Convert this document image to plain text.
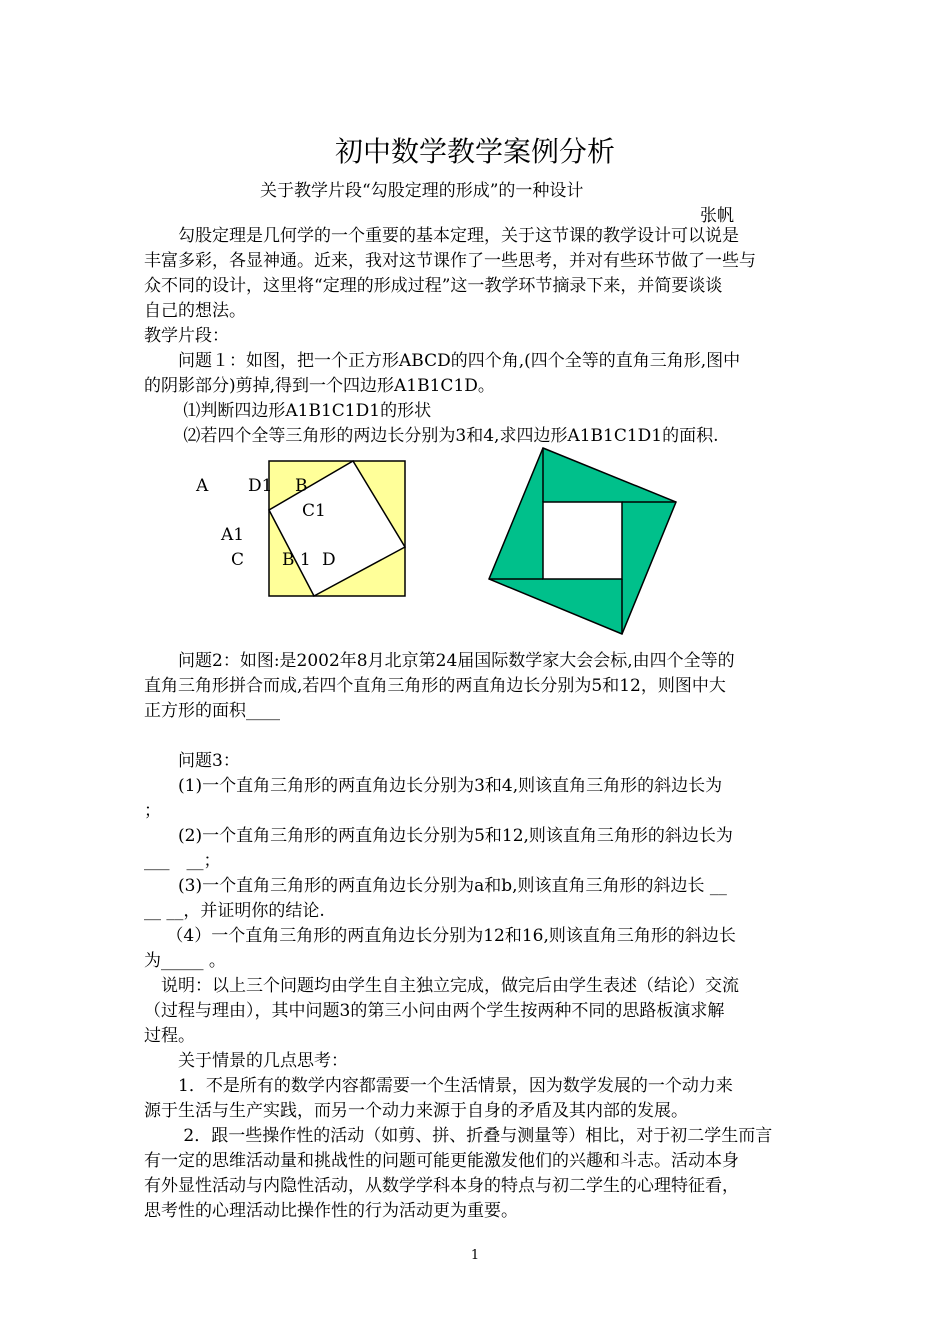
初中数学教学案例分析
关于教学片段“勾股定理的形成”的一种设计
张帆
　　勾股定理是几何学的一个重要的基本定理，关于这节课的教学设计可以说是
丰富多彩，各显神通。近来，我对这节课作了一些思考，并对有些环节做了一些与
众不同的设计，这里将“定理的形成过程”这一教学环节摘录下来，并简要谈谈
自己的想法。
教学片段：
　　问题１：如图，把一个正方形ABCD的四个角,(四个全等的直角三角形,图中
的阴影部分)剪掉,得到一个四边形A1B1C1D。
　　 ⑴判断四边形A1B1C1D1的形状
　　 ⑵若四个全等三角形的两边长分别为3和4,求四边形A1B1C1D1的面积.
A D1 B
C1
A1
C B 1 D
　　问题2：如图:是2002年8月北京第24届国际数学家大会会标,由四个全等的
直角三角形拼合而成,若四个直角三角形的两直角边长分别为5和12，则图中大
正方形的面积____
　　问题3：
　　(1)一个直角三角形的两直角边长分别为3和4,则该直角三角形的斜边长为
；
　　(2)一个直角三角形的两直角边长分别为5和12,则该直角三角形的斜边长为
___　__；
　　(3)一个直角三角形的两直角边长分别为a和b,则该直角三角形的斜边长 __
__ __，并证明你的结论.
　 （4）一个直角三角形的两直角边长分别为12和16,则该直角三角形的斜边长
为_____ 。
　说明：以上三个问题均由学生自主独立完成，做完后由学生表述（结论）交流
（过程与理由），其中问题3的第三小问由两个学生按两种不同的思路板演求解
过程。
　　关于情景的几点思考：
　　1．不是所有的数学内容都需要一个生活情景，因为数学发展的一个动力来
源于生活与生产实践，而另一个动力来源于自身的矛盾及其内部的发展。
　　 2．跟一些操作性的活动（如剪、拼、折叠与测量等）相比，对于初二学生而言
有一定的思维活动量和挑战性的问题可能更能激发他们的兴趣和斗志。活动本身
有外显性活动与内隐性活动，从数学学科本身的特点与初二学生的心理特征看，
思考性的心理活动比操作性的行为活动更为重要。
1
